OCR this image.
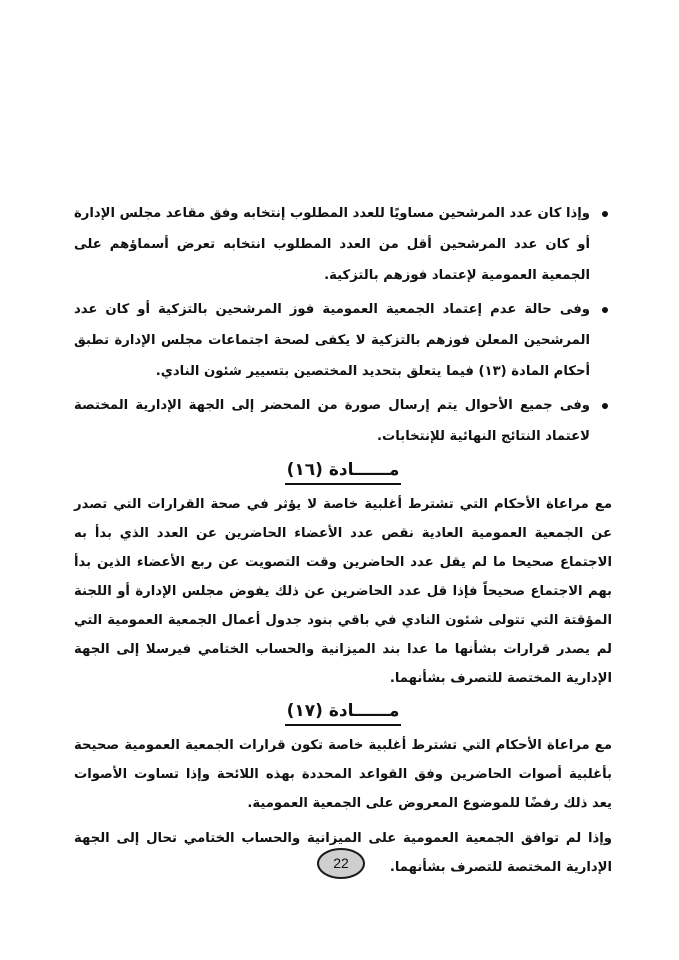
وإذا كان عدد المرشحين مساويًا للعدد المطلوب إنتخابه وفق مقاعد مجلس الإدارة أو كان عدد المرشحين أقل من العدد المطلوب انتخابه تعرض أسماؤهم على الجمعية العمومية لإعتماد فوزهم بالتزكية.
وفى حالة عدم إعتماد الجمعية العمومية فوز المرشحين بالتزكية أو كان عدد المرشحين المعلن فوزهم بالتزكية لا يكفى لصحة اجتماعات مجلس الإدارة تطبق أحكام المادة (١٣) فيما يتعلق بتحديد المختصين بتسيير شئون النادي.
وفى جميع الأحوال يتم إرسال صورة من المحضر إلى الجهة الإدارية المختصة لاعتماد النتائج النهائية للإنتخابات.
مــــــادة (١٦)

مع مراعاة الأحكام التي تشترط أغلبية خاصة لا يؤثر في صحة القرارات التي تصدر عن الجمعية العمومية العادية نقص عدد الأعضاء الحاضرين عن العدد الذي بدأ به الاجتماع صحيحا ما لم يقل عدد الحاضرين وقت التصويت عن ربع الأعضاء الذين بدأ بهم الاجتماع صحيحاً فإذا قل عدد الحاضرين عن ذلك يفوض مجلس الإدارة أو اللجنة المؤقتة التي تتولى شئون النادي في باقي بنود جدول أعمال الجمعية العمومية التي لم يصدر قرارات بشأنها ما عدا بند الميزانية والحساب الختامي فيرسلا إلى الجهة الإدارية المختصة للتصرف بشأنهما.

مــــــادة (١٧)

مع مراعاة الأحكام التي تشترط أغلبية خاصة تكون قرارات الجمعية العمومية صحيحة بأغلبية أصوات الحاضرين وفق القواعد المحددة بهذه اللائحة وإذا تساوت الأصوات يعد ذلك رفضًا للموضوع المعروض على الجمعية العمومية.

وإذا لم توافق الجمعية العمومية على الميزانية والحساب الختامي تحال إلى الجهة الإدارية المختصة للتصرف بشأنهما.

22
